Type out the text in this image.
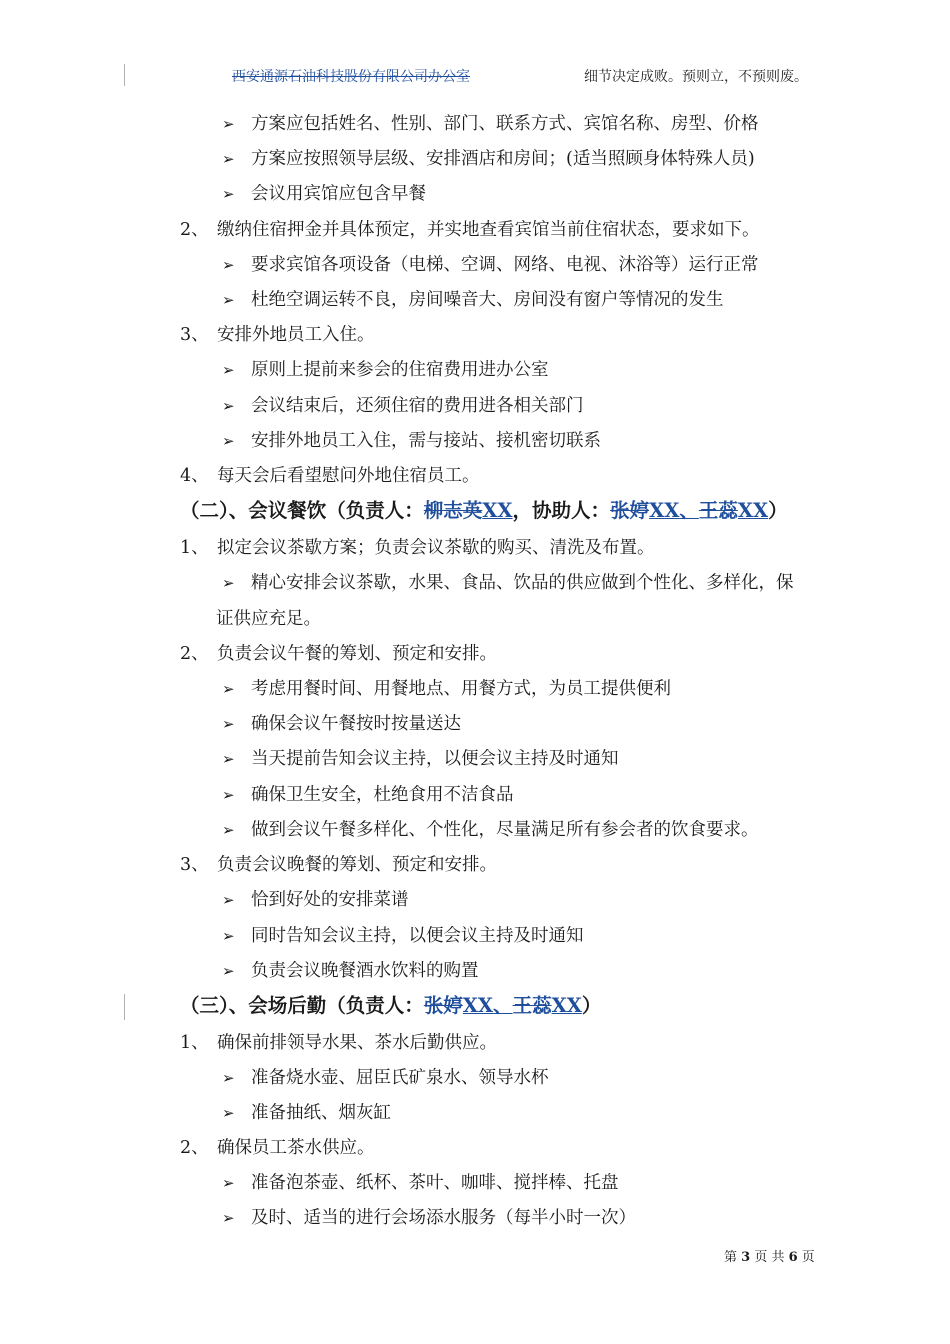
西安通源石油科技股份有限公司办公室	细节决定成败。预则立，不预则废。
➢ 方案应包括姓名、性别、部门、联系方式、宾馆名称、房型、价格
➢ 方案应按照领导层级、安排酒店和房间；(适当照顾身体特殊人员)
➢ 会议用宾馆应包含早餐
2、 缴纳住宿押金并具体预定，并实地查看宾馆当前住宿状态，要求如下。
➢ 要求宾馆各项设备（电梯、空调、网络、电视、沐浴等）运行正常
➢ 杜绝空调运转不良，房间噪音大、房间没有窗户等情况的发生
3、 安排外地员工入住。
➢ 原则上提前来参会的住宿费用进办公室
➢ 会议结束后，还须住宿的费用进各相关部门
➢ 安排外地员工入住，需与接站、接机密切联系
4、 每天会后看望慰问外地住宿员工。
（二）、会议餐饮（负责人：柳志英XX，协助人：张婷XX、王蕊XX）
1、 拟定会议茶歇方案；负责会议茶歇的购买、清洗及布置。
➢ 精心安排会议茶歇，水果、食品、饮品的供应做到个性化、多样化，保
证供应充足。
2、 负责会议午餐的筹划、预定和安排。
➢ 考虑用餐时间、用餐地点、用餐方式，为员工提供便利
➢ 确保会议午餐按时按量送达
➢ 当天提前告知会议主持，以便会议主持及时通知
➢ 确保卫生安全，杜绝食用不洁食品
➢ 做到会议午餐多样化、个性化，尽量满足所有参会者的饮食要求。
3、 负责会议晚餐的筹划、预定和安排。
➢ 恰到好处的安排菜谱
➢ 同时告知会议主持，以便会议主持及时通知
➢ 负责会议晚餐酒水饮料的购置
（三）、会场后勤（负责人：张婷XX、王蕊XX）
1、 确保前排领导水果、茶水后勤供应。
➢ 准备烧水壶、屈臣氏矿泉水、领导水杯
➢ 准备抽纸、烟灰缸
2、 确保员工茶水供应。
➢ 准备泡茶壶、纸杯、茶叶、咖啡、搅拌棒、托盘
➢ 及时、适当的进行会场添水服务（每半小时一次）
第 3 页 共 6 页
